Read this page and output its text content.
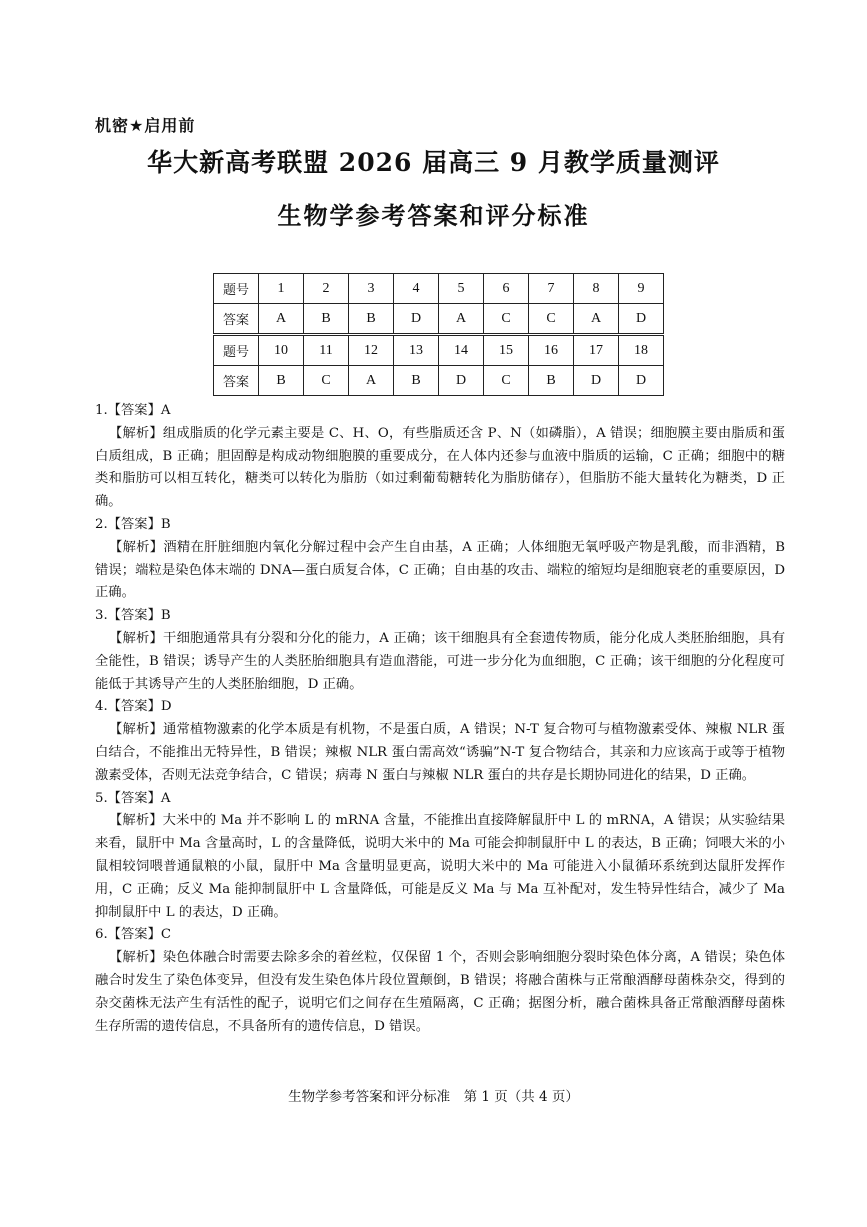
机密★启用前
华大新高考联盟 2026 届高三 9 月教学质量测评
生物学参考答案和评分标准
题号	1	2	3	4	5	6	7	8	9
答案	A	B	B	D	A	C	C	A	D
题号	10	11	12	13	14	15	16	17	18
答案	B	C	A	B	D	C	B	D	D

1.【答案】A

【解析】组成脂质的化学元素主要是 C、H、O，有些脂质还含 P、N（如磷脂），A 错误；细胞膜主要由脂质和蛋白质组成，B 正确；胆固醇是构成动物细胞膜的重要成分，在人体内还参与血液中脂质的运输，C 正确；细胞中的糖类和脂肪可以相互转化，糖类可以转化为脂肪（如过剩葡萄糖转化为脂肪储存），但脂肪不能大量转化为糖类，D 正确。

2.【答案】B

【解析】酒精在肝脏细胞内氧化分解过程中会产生自由基，A 正确；人体细胞无氧呼吸产物是乳酸，而非酒精，B 错误；端粒是染色体末端的 DNA—蛋白质复合体，C 正确；自由基的攻击、端粒的缩短均是细胞衰老的重要原因，D 正确。

3.【答案】B

【解析】干细胞通常具有分裂和分化的能力，A 正确；该干细胞具有全套遗传物质，能分化成人类胚胎细胞，具有全能性，B 错误；诱导产生的人类胚胎细胞具有造血潜能，可进一步分化为血细胞，C 正确；该干细胞的分化程度可能低于其诱导产生的人类胚胎细胞，D 正确。

4.【答案】D

【解析】通常植物激素的化学本质是有机物，不是蛋白质，A 错误；N-T 复合物可与植物激素受体、辣椒 NLR 蛋白结合，不能推出无特异性，B 错误；辣椒 NLR 蛋白需高效“诱骗”N-T 复合物结合，其亲和力应该高于或等于植物激素受体，否则无法竞争结合，C 错误；病毒 N 蛋白与辣椒 NLR 蛋白的共存是长期协同进化的结果，D 正确。

5.【答案】A

【解析】大米中的 Ma 并不影响 L 的 mRNA 含量，不能推出直接降解鼠肝中 L 的 mRNA，A 错误；从实验结果来看，鼠肝中 Ma 含量高时，L 的含量降低，说明大米中的 Ma 可能会抑制鼠肝中 L 的表达，B 正确；饲喂大米的小鼠相较饲喂普通鼠粮的小鼠，鼠肝中 Ma 含量明显更高，说明大米中的 Ma 可能进入小鼠循环系统到达鼠肝发挥作用，C 正确；反义 Ma 能抑制鼠肝中 L 含量降低，可能是反义 Ma 与 Ma 互补配对，发生特异性结合，减少了 Ma 抑制鼠肝中 L 的表达，D 正确。

6.【答案】C

【解析】染色体融合时需要去除多余的着丝粒，仅保留 1 个，否则会影响细胞分裂时染色体分离，A 错误；染色体融合时发生了染色体变异，但没有发生染色体片段位置颠倒，B 错误；将融合菌株与正常酿酒酵母菌株杂交，得到的杂交菌株无法产生有活性的配子，说明它们之间存在生殖隔离，C 正确；据图分析，融合菌株具备正常酿酒酵母菌株生存所需的遗传信息，不具备所有的遗传信息，D 错误。

生物学参考答案和评分标准　第 1 页（共 4 页）
